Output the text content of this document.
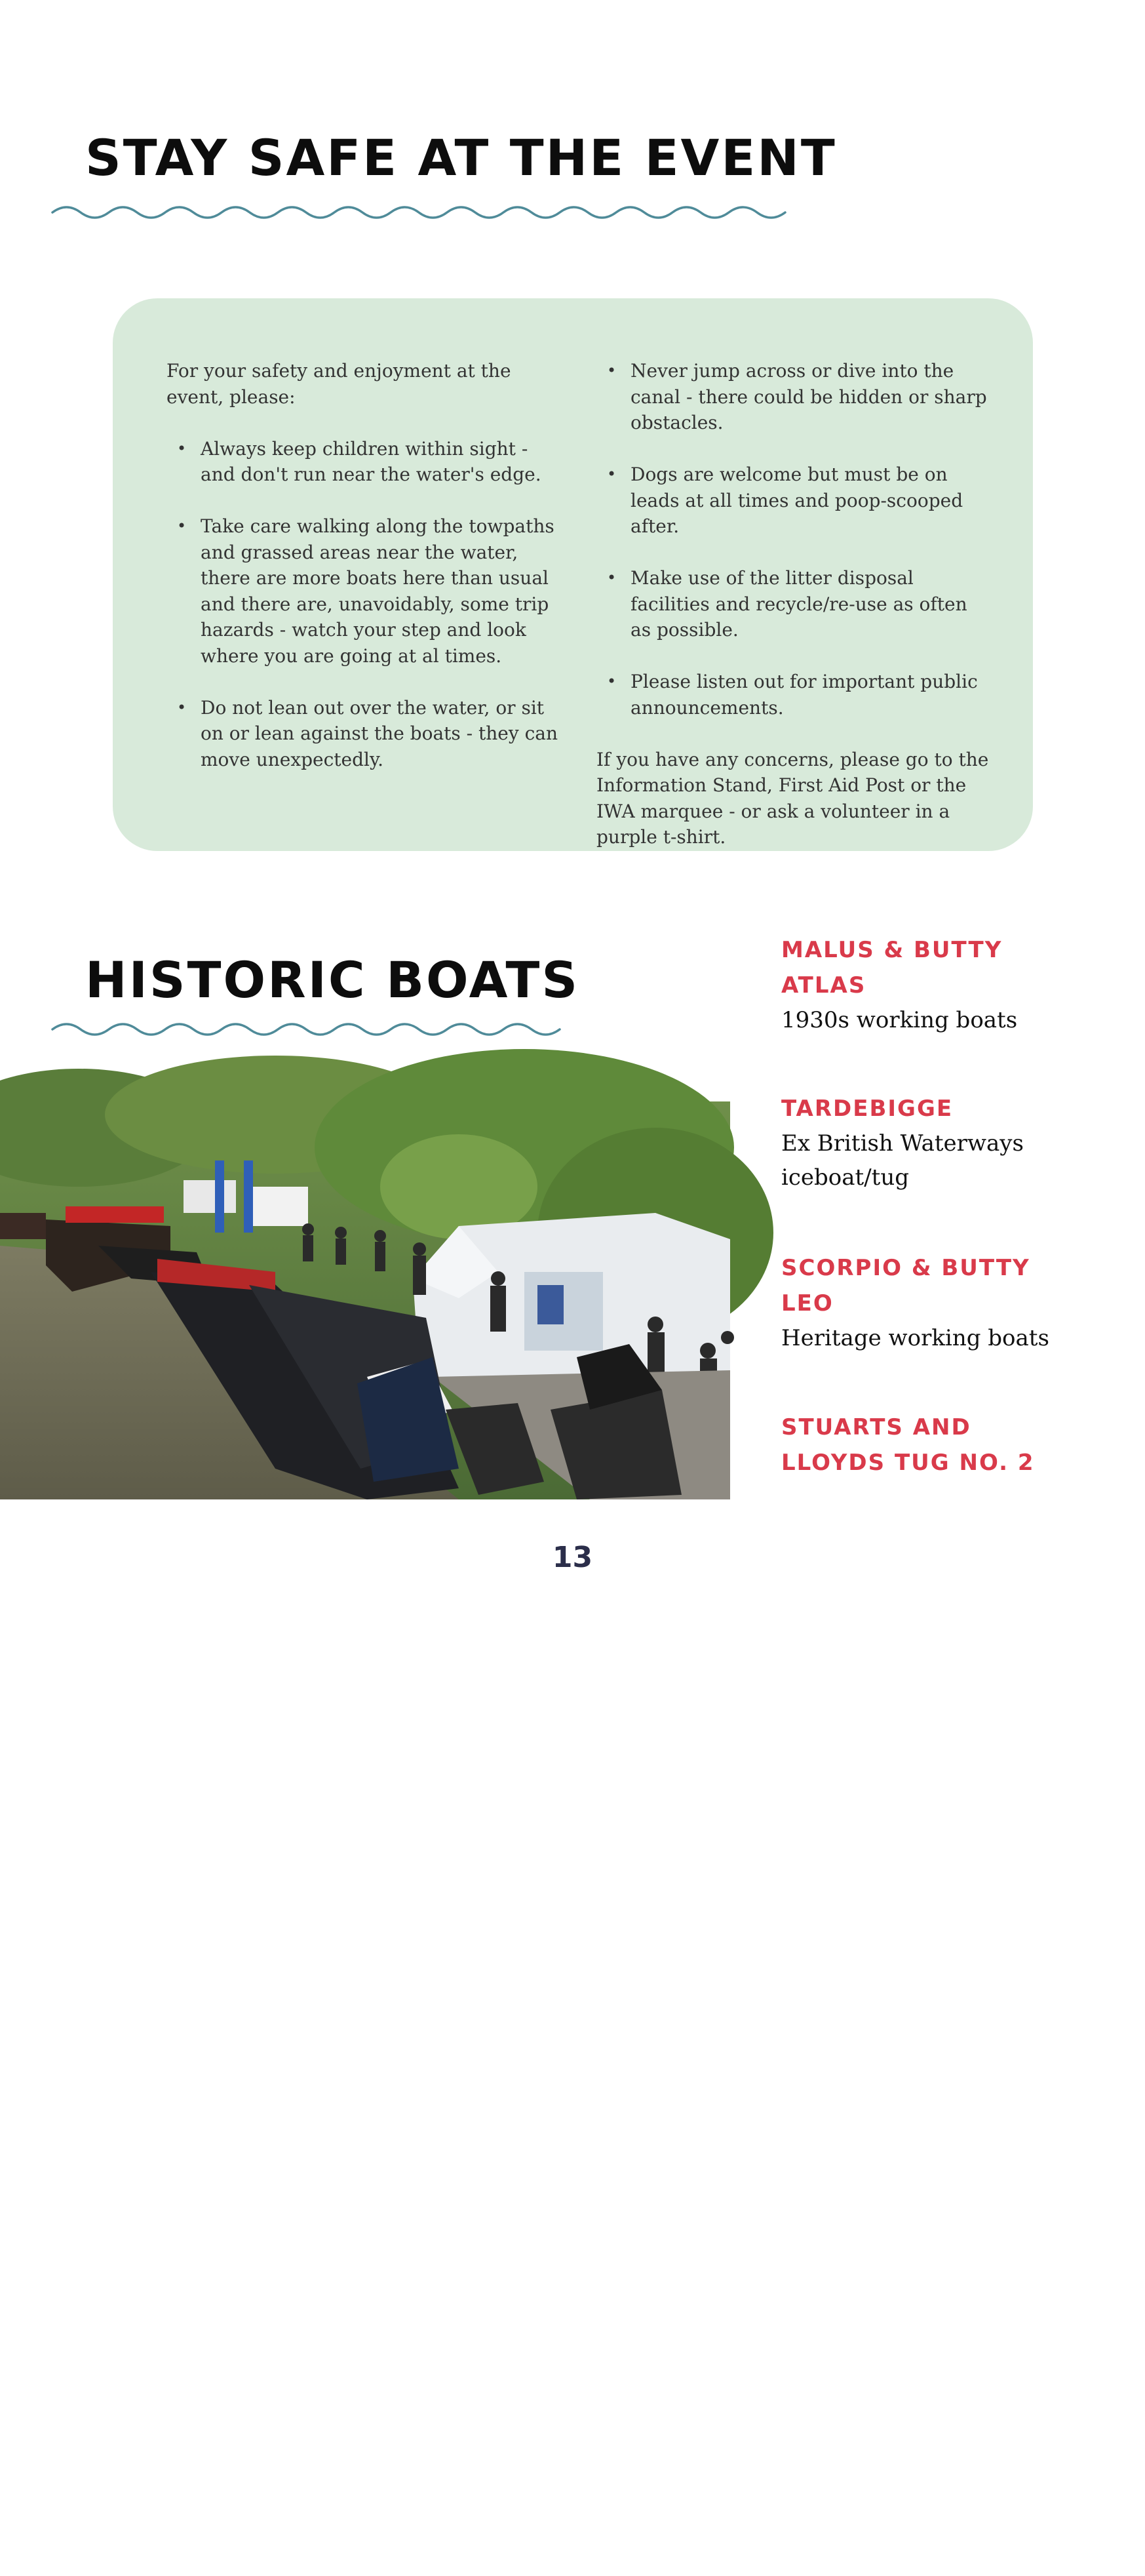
STAY SAFE AT THE EVENT

For your safety and enjoyment at the event, please:

• Always keep children within sight - and don't run near the water's edge.
• Take care walking along the towpaths and grassed areas near the water, there are more boats here than usual and there are, unavoidably, some trip hazards - watch your step and look where you are going at al times.
• Do not lean out over the water, or sit on or lean against the boats - they can move unexpectedly.
• Never jump across or dive into the canal - there could be hidden or sharp obstacles.
• Dogs are welcome but must be on leads at all times and poop-scooped after.
• Make use of the litter disposal facilities and recycle/re-use as often as possible.
• Please listen out for important public announcements.

If you have any concerns, please go to the Information Stand, First Aid Post or the IWA marquee - or ask a volunteer in a purple t-shirt.

HISTORIC BOATS
Historic Boats ©
Christine Smith
MALUS & BUTTY
ATLAS
1930s working boats
TARDEBIGGE
Ex British Waterways
iceboat/tug
SCORPIO & BUTTY
LEO
Heritage working boats
STUARTS AND
LLOYDS TUG NO. 2
13
